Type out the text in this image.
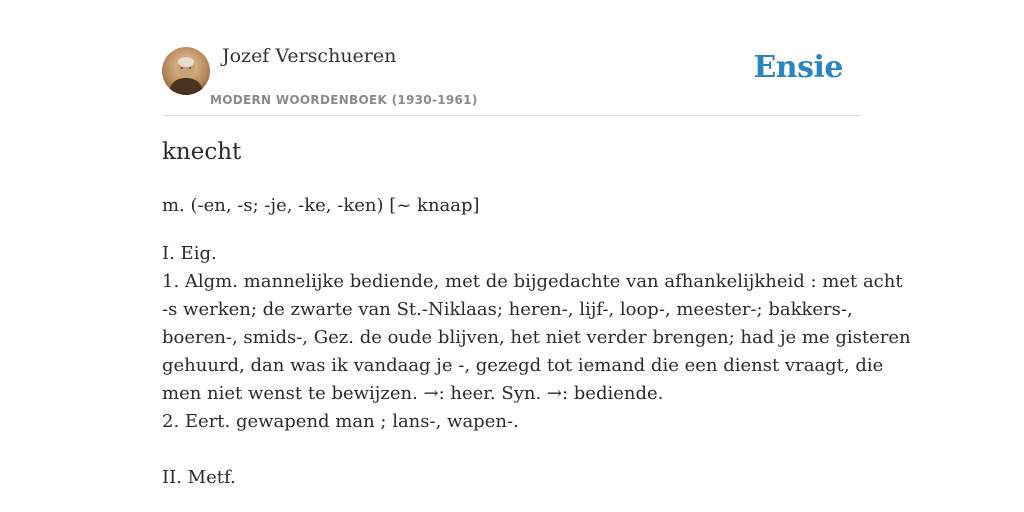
Jozef Verschueren
MODERN WOORDENBOEK (1930-1961)
Ensie
knecht
m. (-en, -s; -je, -ke, -ken) [~ knaap]
I. Eig.
1. Algm. mannelijke bediende, met de bijgedachte van afhankelijkheid : met acht
-s werken; de zwarte van St.-Niklaas; heren-, lijf-, loop-, meester-; bakkers-,
boeren-, smids-, Gez. de oude blijven, het niet verder brengen; had je me gisteren
gehuurd, dan was ik vandaag je -, gezegd tot iemand die een dienst vraagt, die
men niet wenst te bewijzen. →: heer. Syn. →: bediende.
2. Eert. gewapend man ; lans-, wapen-.
II. Metf.
